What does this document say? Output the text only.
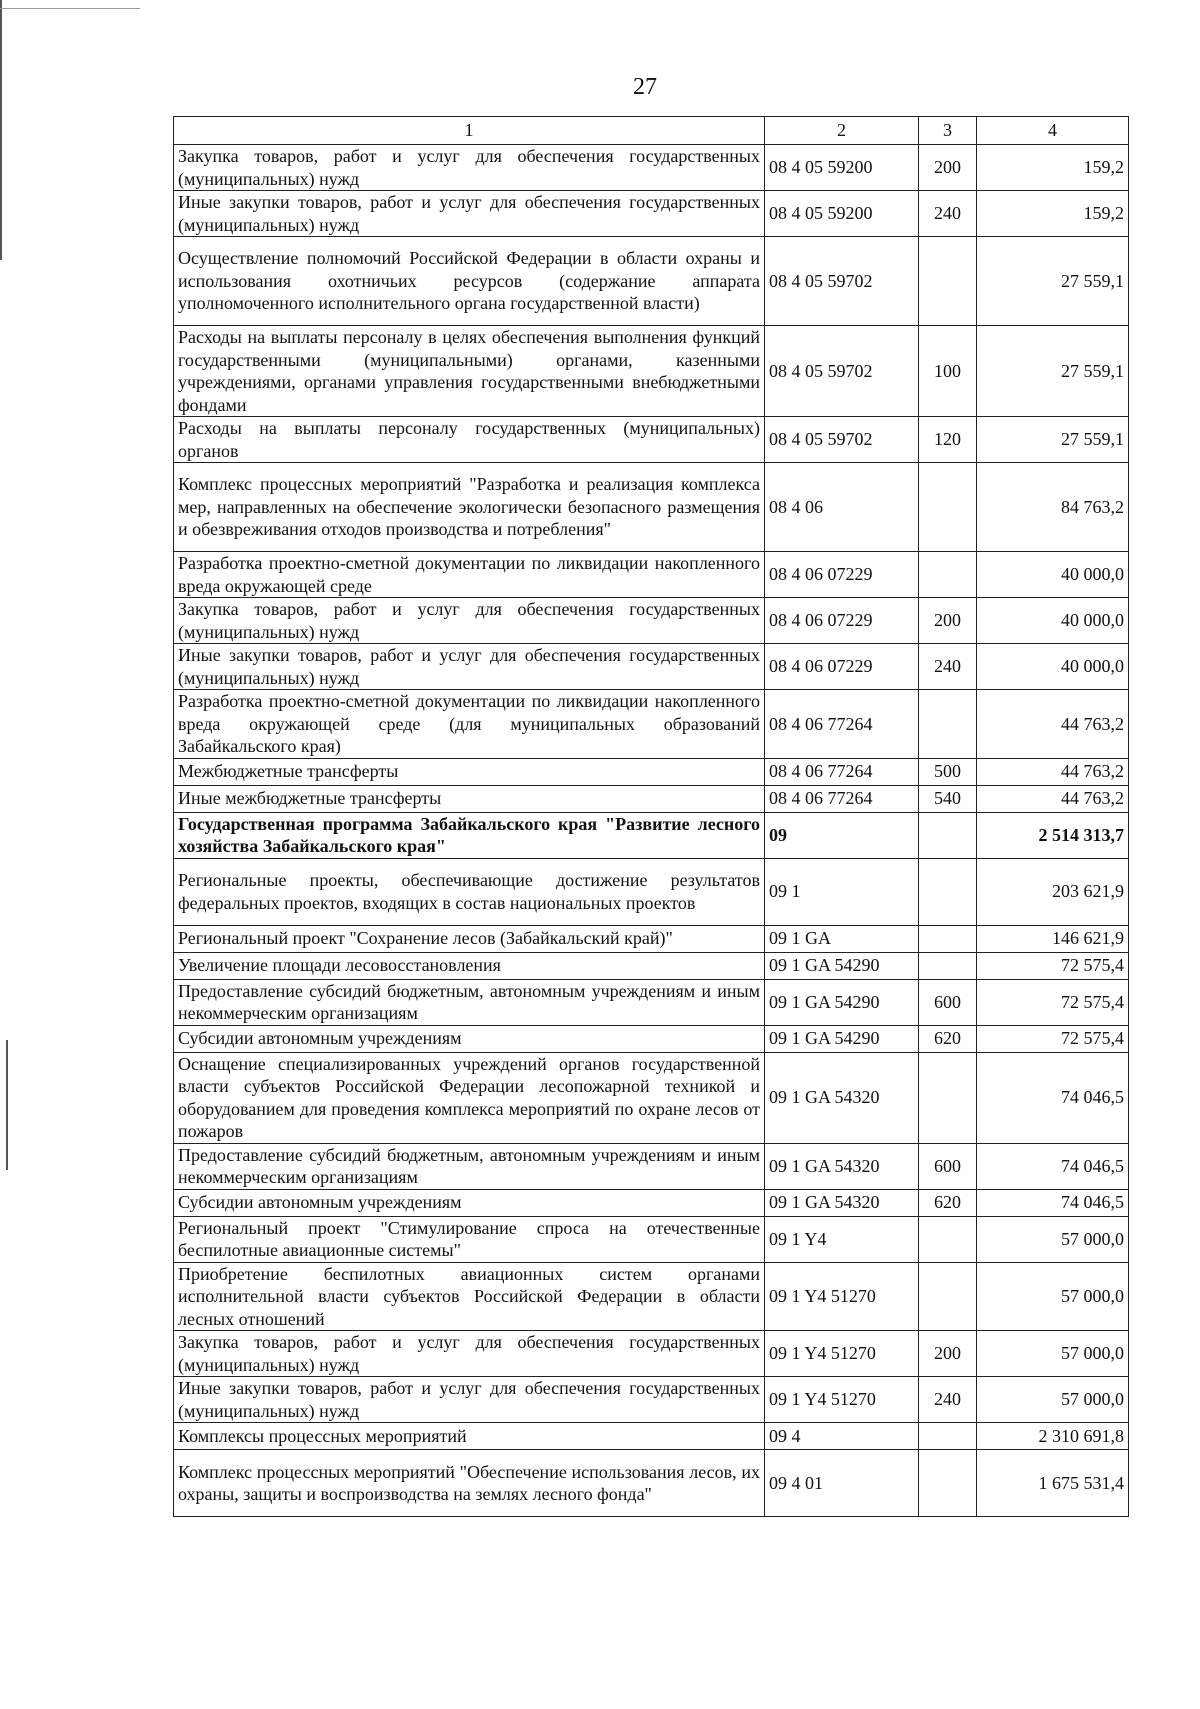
27
1	2	3	4
Закупка товаров, работ и услуг для обеспечения государственных (муниципальных) нужд	08 4 05 59200	200	159,2
Иные закупки товаров, работ и услуг для обеспечения государственных (муниципальных) нужд	08 4 05 59200	240	159,2
Осуществление полномочий Российской Федерации в области охраны и использования охотничьих ресурсов (содержание аппарата уполномоченного исполнительного органа государственной власти)	08 4 05 59702		27 559,1
Расходы на выплаты персоналу в целях обеспечения выполнения функций государственными (муниципальными) органами, казенными учреждениями, органами управления государственными внебюджетными фондами	08 4 05 59702	100	27 559,1
Расходы на выплаты персоналу государственных (муниципальных) органов	08 4 05 59702	120	27 559,1
Комплекс процессных мероприятий "Разработка и реализация комплекса мер, направленных на обеспечение экологически безопасного размещения и обезвреживания отходов производства и потребления"	08 4 06		84 763,2
Разработка проектно-сметной документации по ликвидации накопленного вреда окружающей среде	08 4 06 07229		40 000,0
Закупка товаров, работ и услуг для обеспечения государственных (муниципальных) нужд	08 4 06 07229	200	40 000,0
Иные закупки товаров, работ и услуг для обеспечения государственных (муниципальных) нужд	08 4 06 07229	240	40 000,0
Разработка проектно-сметной документации по ликвидации накопленного вреда окружающей среде (для муниципальных образований Забайкальского края)	08 4 06 77264		44 763,2
Межбюджетные трансферты	08 4 06 77264	500	44 763,2
Иные межбюджетные трансферты	08 4 06 77264	540	44 763,2
Государственная программа Забайкальского края "Развитие лесного хозяйства Забайкальского края"	09		2 514 313,7
Региональные проекты, обеспечивающие достижение результатов федеральных проектов, входящих в состав национальных проектов	09 1		203 621,9
Региональный проект "Сохранение лесов (Забайкальский край)"	09 1 GA		146 621,9
Увеличение площади лесовосстановления	09 1 GA 54290		72 575,4
Предоставление субсидий бюджетным, автономным учреждениям и иным некоммерческим организациям	09 1 GA 54290	600	72 575,4
Субсидии автономным учреждениям	09 1 GA 54290	620	72 575,4
Оснащение специализированных учреждений органов государственной власти субъектов Российской Федерации лесопожарной техникой и оборудованием для проведения комплекса мероприятий по охране лесов от пожаров	09 1 GA 54320		74 046,5
Предоставление субсидий бюджетным, автономным учреждениям и иным некоммерческим организациям	09 1 GA 54320	600	74 046,5
Субсидии автономным учреждениям	09 1 GA 54320	620	74 046,5
Региональный проект "Стимулирование спроса на отечественные беспилотные авиационные системы"	09 1 Y4		57 000,0
Приобретение беспилотных авиационных систем органами исполнительной власти субъектов Российской Федерации в области лесных отношений	09 1 Y4 51270		57 000,0
Закупка товаров, работ и услуг для обеспечения государственных (муниципальных) нужд	09 1 Y4 51270	200	57 000,0
Иные закупки товаров, работ и услуг для обеспечения государственных (муниципальных) нужд	09 1 Y4 51270	240	57 000,0
Комплексы процессных мероприятий	09 4		2 310 691,8
Комплекс процессных мероприятий "Обеспечение использования лесов, их охраны, защиты и воспроизводства на землях лесного фонда"	09 4 01		1 675 531,4
